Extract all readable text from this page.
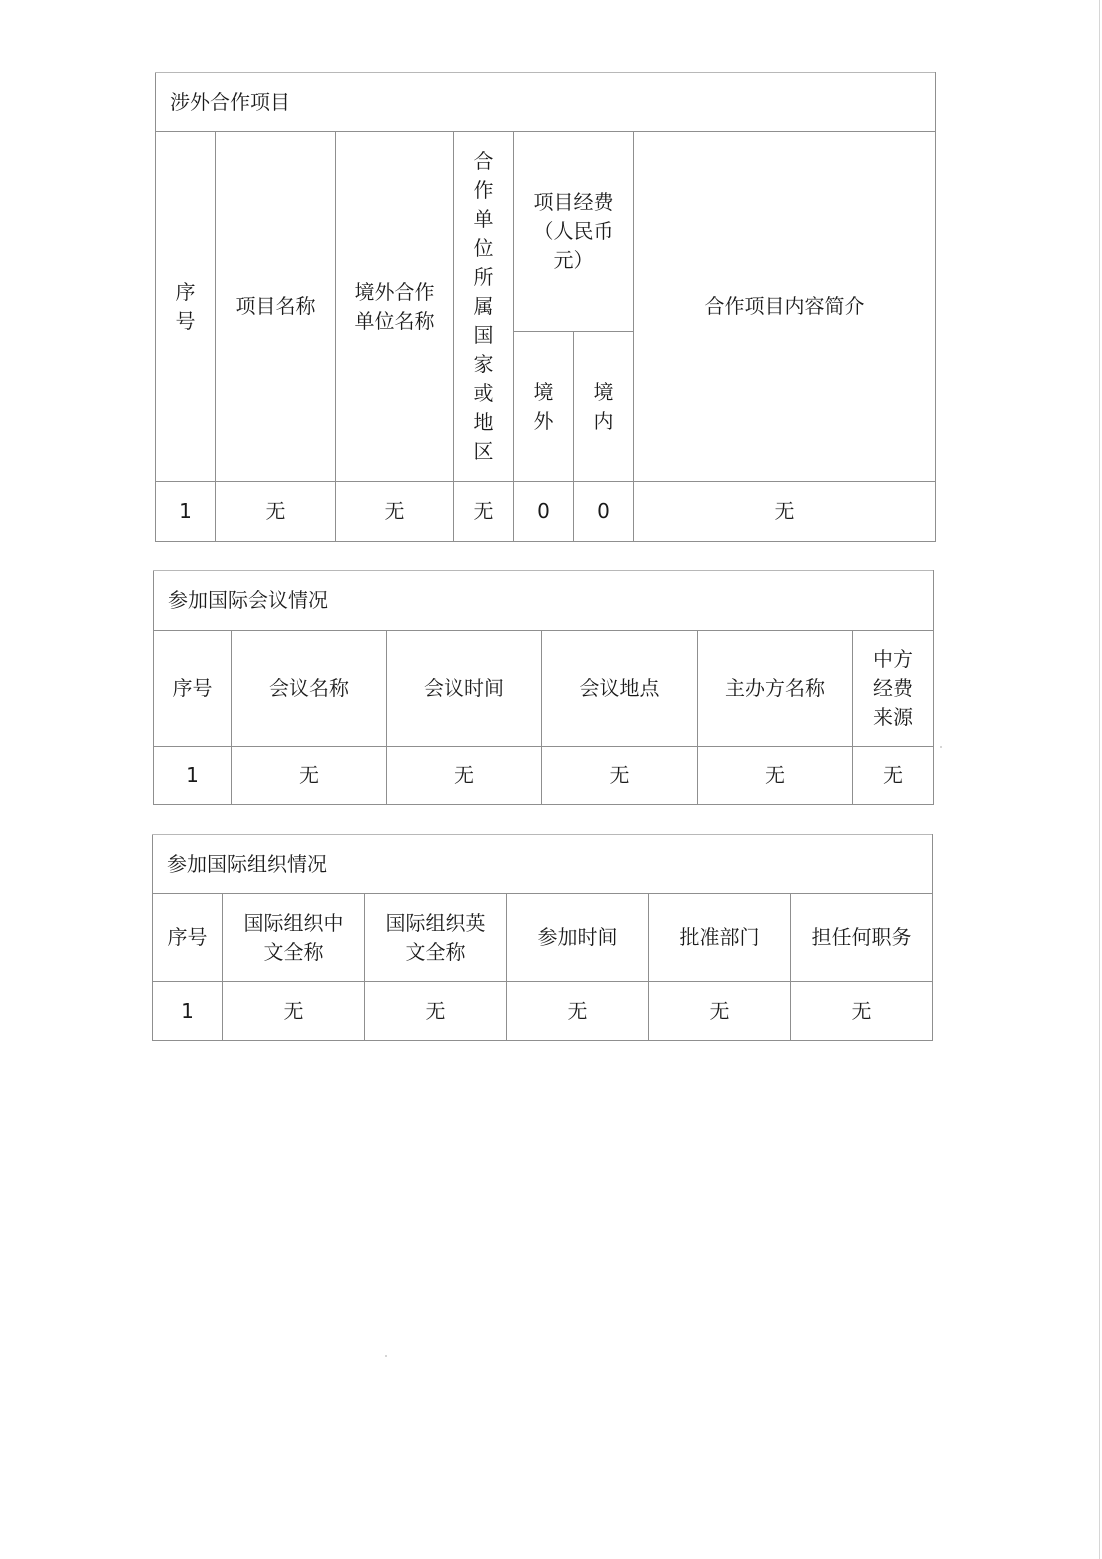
涉外合作项目						

序号	项目名称	境外合作单位名称	合作单位所属国家或地区	项目经费（人民币元）		合作项目内容简介

				境外	境内	

1	无	无	无	0	0	无
参加国际会议情况					
序号	会议名称	会议时间	会议地点	主办方名称	中方经费来源
1	无	无	无	无	无
参加国际组织情况					
序号	国际组织中文全称	国际组织英文全称	参加时间	批准部门	担任何职务
1	无	无	无	无	无
